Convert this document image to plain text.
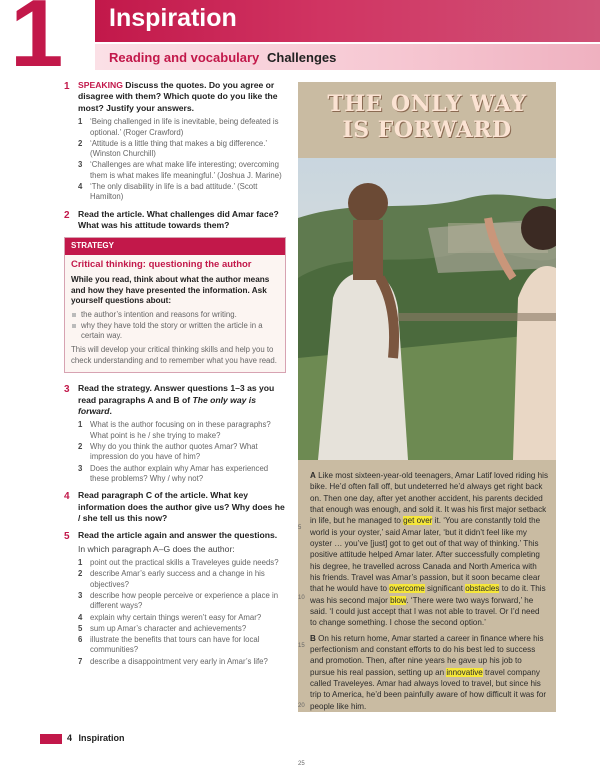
Inspiration
1	Reading and vocabulary Challenges
1 SPEAKING Discuss the quotes. Do you agree or disagree with them? Which quote do you like the most? Justify your answers.
1 ‘Being challenged in life is inevitable, being defeated is optional.’ (Roger Crawford)
2 ‘Attitude is a little thing that makes a big difference.’ (Winston Churchill)
3 ‘Challenges are what make life interesting; overcoming them is what makes life meaningful.’ (Joshua J. Marine)
4 ‘The only disability in life is a bad attitude.’ (Scott Hamilton)
2 Read the article. What challenges did Amar face? What was his attitude towards them?
STRATEGY
Critical thinking: questioning the author
While you read, think about what the author means and how they have presented the information. Ask yourself questions about:
the author’s intention and reasons for writing.
why they have told the story or written the article in a certain way.
This will develop your critical thinking skills and help you to check understanding and to remember what you have read.
3 Read the strategy. Answer questions 1–3 as you read paragraphs A and B of The only way is forward.
1 What is the author focusing on in these paragraphs? What point is he / she trying to make?
2 Why do you think the author quotes Amar? What impression do you have of him?
3 Does the author explain why Amar has experienced these problems? Why / why not?
4 Read paragraph C of the article. What key information does the author give us? Why does he / she tell us this now?
5 Read the article again and answer the questions.
In which paragraph A–G does the author:
1 point out the practical skills a Traveleyes guide needs?
2 describe Amar’s early success and a change in his objectives?
3 describe how people perceive or experience a place in different ways?
4 explain why certain things weren’t easy for Amar?
5 sum up Amar’s character and achievements?
6 illustrate the benefits that tours can have for local communities?
7 describe a disappointment very early in Amar’s life?
THE ONLY WAY
IS FORWARD
5
10
15
20
25

A Like most sixteen-year-old teenagers, Amar Latif loved riding his bike. He’d often fall off, but undeterred he’d always get right back on. Then one day, after yet another accident, his parents decided that enough was enough, and sold it. It was his first major setback in life, but he managed to get over it. ‘You are constantly told the world is your oyster,’ said Amar later, ‘but it didn’t feel like my oyster … you’ve [just] got to get out of that way of thinking.’ This positive attitude helped Amar later. After successfully completing his degree, he travelled across Canada and North America with his friends. Travel was Amar’s passion, but it soon became clear that he would have to overcome significant obstacles to do it. This was his second major blow. ‘There were two ways forward,’ he said. ‘I could just accept that I was not able to travel. Or I’d need to change something. I chose the second option.’

B On his return home, Amar started a career in finance where his perfectionism and constant efforts to do his best led to success and promotion. Then, after nine years he gave up his job to pursue his real passion, setting up an innovative travel company called Traveleyes. Amar had always loved to travel, but since his trip to America, he’d been painfully aware of how difficult it was for people like him.

4 Inspiration
